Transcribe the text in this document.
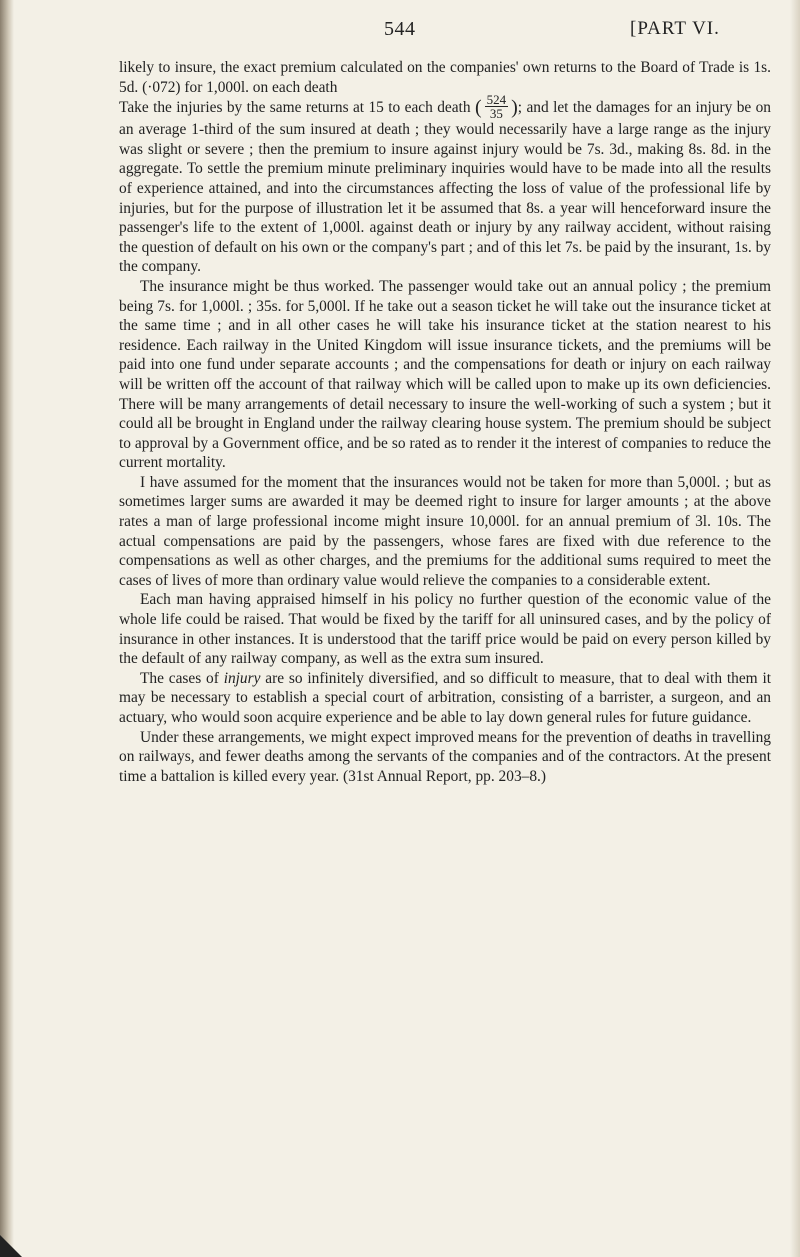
544	[PART VI.

likely to insure, the exact premium calculated on the companies' own returns to the Board of Trade is 1s. 5d. (·072) for 1,000l. on each death

Take the injuries by the same returns at 15 to each death ( $\frac{524}{35}$ ); and let the damages for an injury be on an average 1-third of the sum insured at death ; they would necessarily have a large range as the injury was slight or severe ; then the premium to insure against injury would be 7s. 3d., making 8s. 8d. in the aggregate. To settle the premium minute preliminary inquiries would have to be made into all the results of experience attained, and into the circumstances affecting the loss of value of the professional life by injuries, but for the purpose of illustration let it be assumed that 8s. a year will henceforward insure the passenger's life to the extent of 1,000l. against death or injury by any railway accident, without raising the question of default on his own or the company's part ; and of this let 7s. be paid by the insurant, 1s. by the company.

The insurance might be thus worked. The passenger would take out an annual policy ; the premium being 7s. for 1,000l. ; 35s. for 5,000l. If he take out a season ticket he will take out the insurance ticket at the same time ; and in all other cases he will take his insurance ticket at the station nearest to his residence. Each railway in the United Kingdom will issue insurance tickets, and the premiums will be paid into one fund under separate accounts ; and the compensations for death or injury on each railway will be written off the account of that railway which will be called upon to make up its own deficiencies. There will be many arrangements of detail necessary to insure the well-working of such a system ; but it could all be brought in England under the railway clearing house system. The premium should be subject to approval by a Government office, and be so rated as to render it the interest of companies to reduce the current mortality.

I have assumed for the moment that the insurances would not be taken for more than 5,000l. ; but as sometimes larger sums are awarded it may be deemed right to insure for larger amounts ; at the above rates a man of large professional income might insure 10,000l. for an annual premium of 3l. 10s. The actual compensations are paid by the passengers, whose fares are fixed with due reference to the compensations as well as other charges, and the premiums for the additional sums required to meet the cases of lives of more than ordinary value would relieve the companies to a considerable extent.

Each man having appraised himself in his policy no further question of the economic value of the whole life could be raised. That would be fixed by the tariff for all uninsured cases, and by the policy of insurance in other instances. It is understood that the tariff price would be paid on every person killed by the default of any railway company, as well as the extra sum insured.

The cases of injury are so infinitely diversified, and so difficult to measure, that to deal with them it may be necessary to establish a special court of arbitration, consisting of a barrister, a surgeon, and an actuary, who would soon acquire experience and be able to lay down general rules for future guidance.

Under these arrangements, we might expect improved means for the prevention of deaths in travelling on railways, and fewer deaths among the servants of the companies and of the contractors. At the present time a battalion is killed every year. (31st Annual Report, pp. 203–8.)
